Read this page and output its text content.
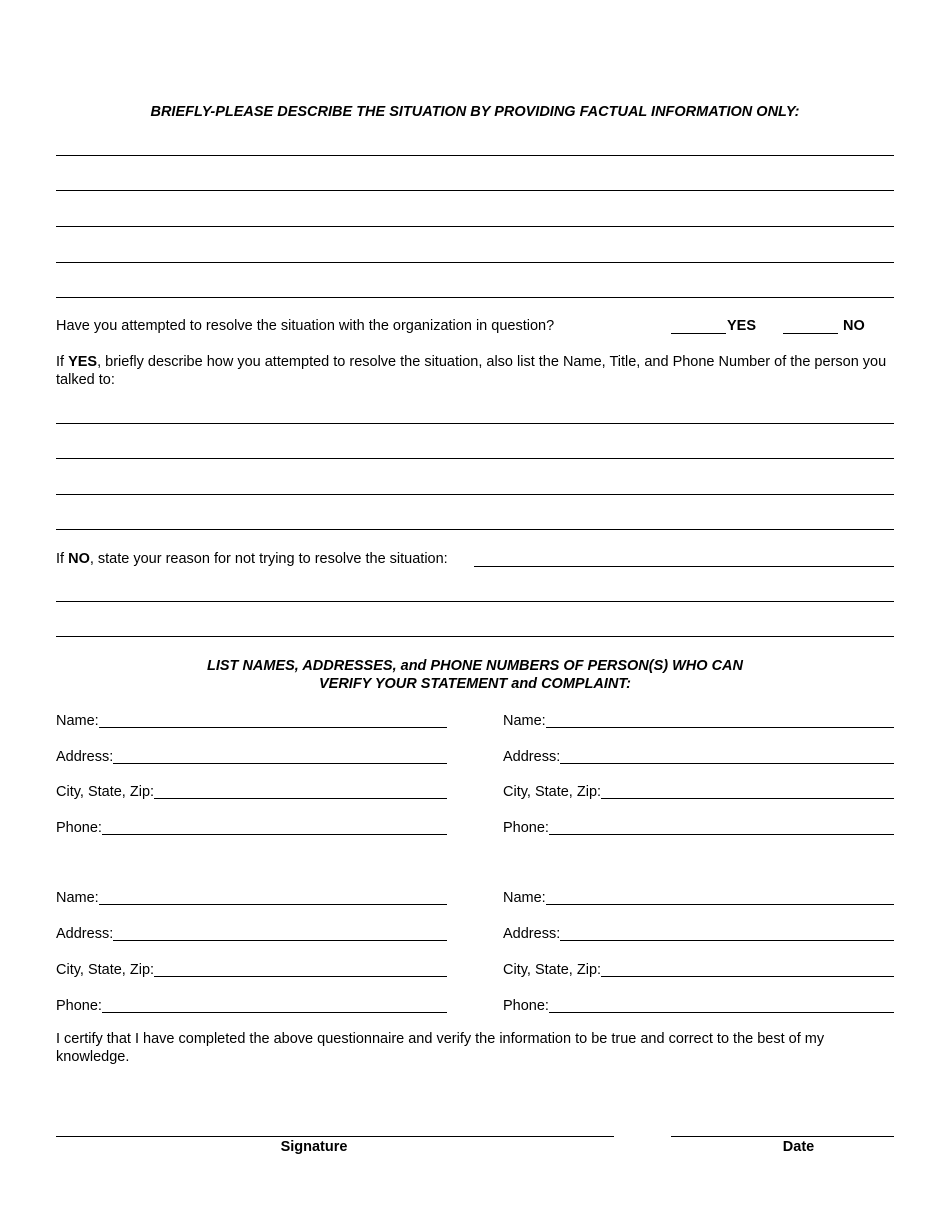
BRIEFLY-PLEASE DESCRIBE THE SITUATION BY PROVIDING FACTUAL INFORMATION ONLY:
Have you attempted to resolve the situation with the organization in question?	YES	NO
If YES, briefly describe how you attempted to resolve the situation, also list the Name, Title, and Phone Number of the person you talked to:
If NO, state your reason for not trying to resolve the situation:
LIST NAMES, ADDRESSES, and PHONE NUMBERS OF PERSON(S) WHO CAN
VERIFY YOUR STATEMENT and COMPLAINT:
Name:
Address:
City, State, Zip:
Phone:
Name:
Address:
City, State, Zip:
Phone:
Name:
Address:
City, State, Zip:
Phone:
Name:
Address:
City, State, Zip:
Phone:
I certify that I have completed the above questionnaire and verify the information to be true and correct to the best of my knowledge.
Signature	Date
